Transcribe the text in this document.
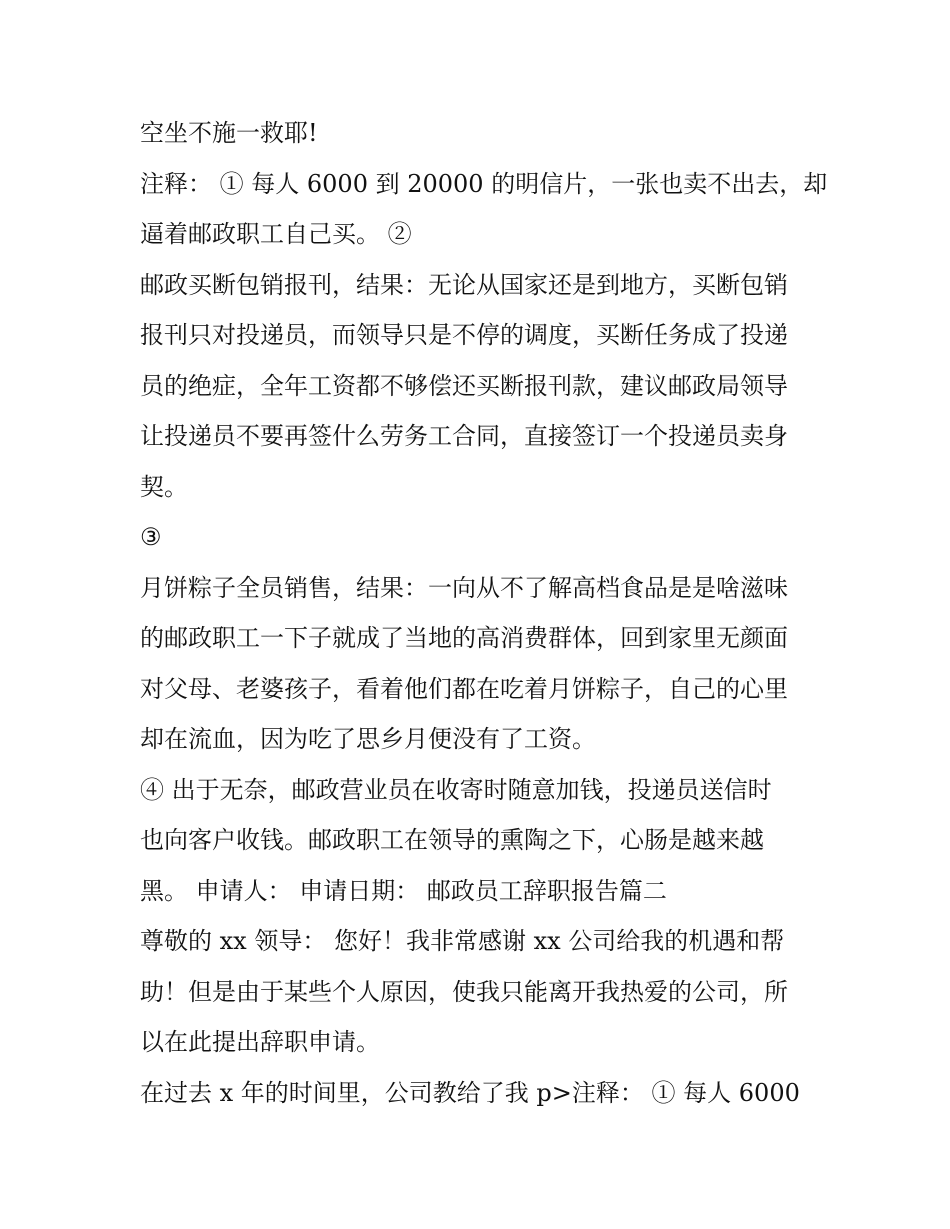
空坐不施一救耶!
注释： ① 每人 6000 到 20000 的明信片，一张也卖不出去，却
逼着邮政职工自己买。 ②
邮政买断包销报刊，结果：无论从国家还是到地方，买断包销
报刊只对投递员，而领导只是不停的调度，买断任务成了投递
员的绝症，全年工资都不够偿还买断报刊款，建议邮政局领导
让投递员不要再签什么劳务工合同，直接签订一个投递员卖身
契。
③
月饼粽子全员销售，结果：一向从不了解高档食品是是啥滋味
的邮政职工一下子就成了当地的高消费群体，回到家里无颜面
对父母、老婆孩子，看着他们都在吃着月饼粽子，自己的心里
却在流血，因为吃了思乡月便没有了工资。
④ 出于无奈，邮政营业员在收寄时随意加钱，投递员送信时
也向客户收钱。邮政职工在领导的熏陶之下，心肠是越来越
黑。 申请人： 申请日期： 邮政员工辞职报告篇二
尊敬的 xx 领导： 您好！我非常感谢 xx 公司给我的机遇和帮
助！但是由于某些个人原因，使我只能离开我热爱的公司，所
以在此提出辞职申请。
在过去 x 年的时间里，公司教给了我 p>注释： ① 每人 6000
